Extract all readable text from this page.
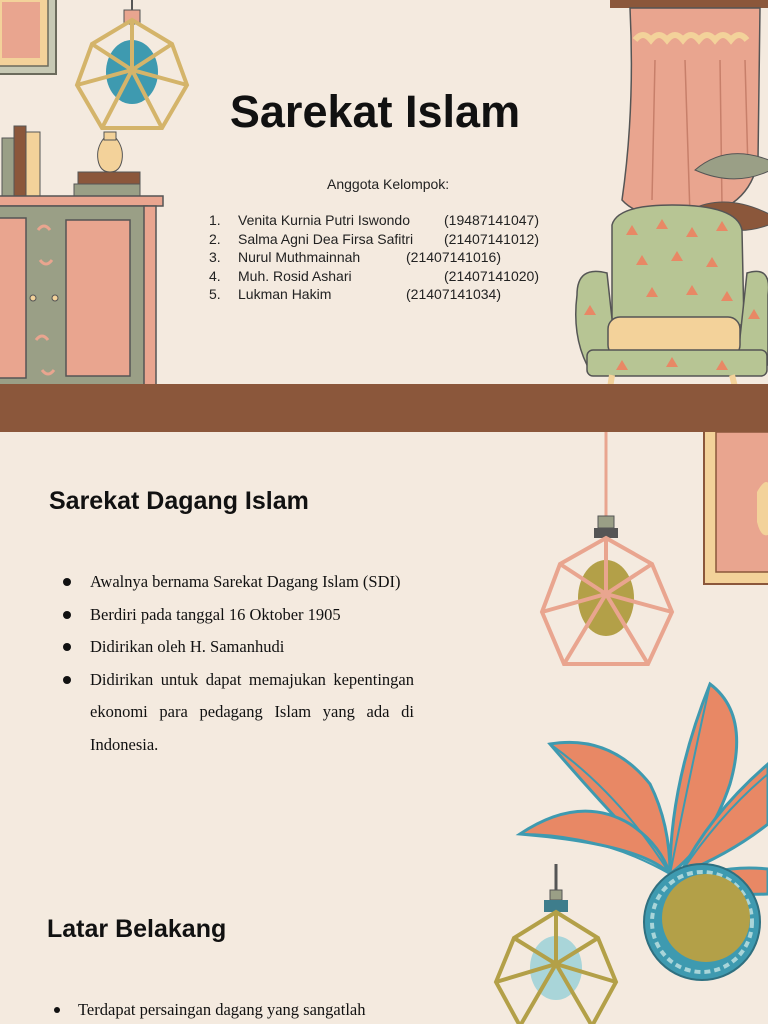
Sarekat Islam
Anggota Kelompok:
1.	Venita Kurnia Putri Iswondo	(19487141047)
2.	Salma Agni Dea Firsa Safitri	(21407141012)
3.	Nurul Muthmainnah	(21407141016)
4.	Muh. Rosid Ashari	(21407141020)
5.	Lukman Hakim	(21407141034)
Sarekat Dagang Islam
Awalnya bernama Sarekat Dagang Islam (SDI)
Berdiri pada tanggal 16 Oktober 1905
Didirikan oleh H. Samanhudi
Didirikan untuk dapat memajukan kepentingan ekonomi para pedagang Islam yang ada di Indonesia.
Latar Belakang
Terdapat persaingan dagang yang sangatlah
